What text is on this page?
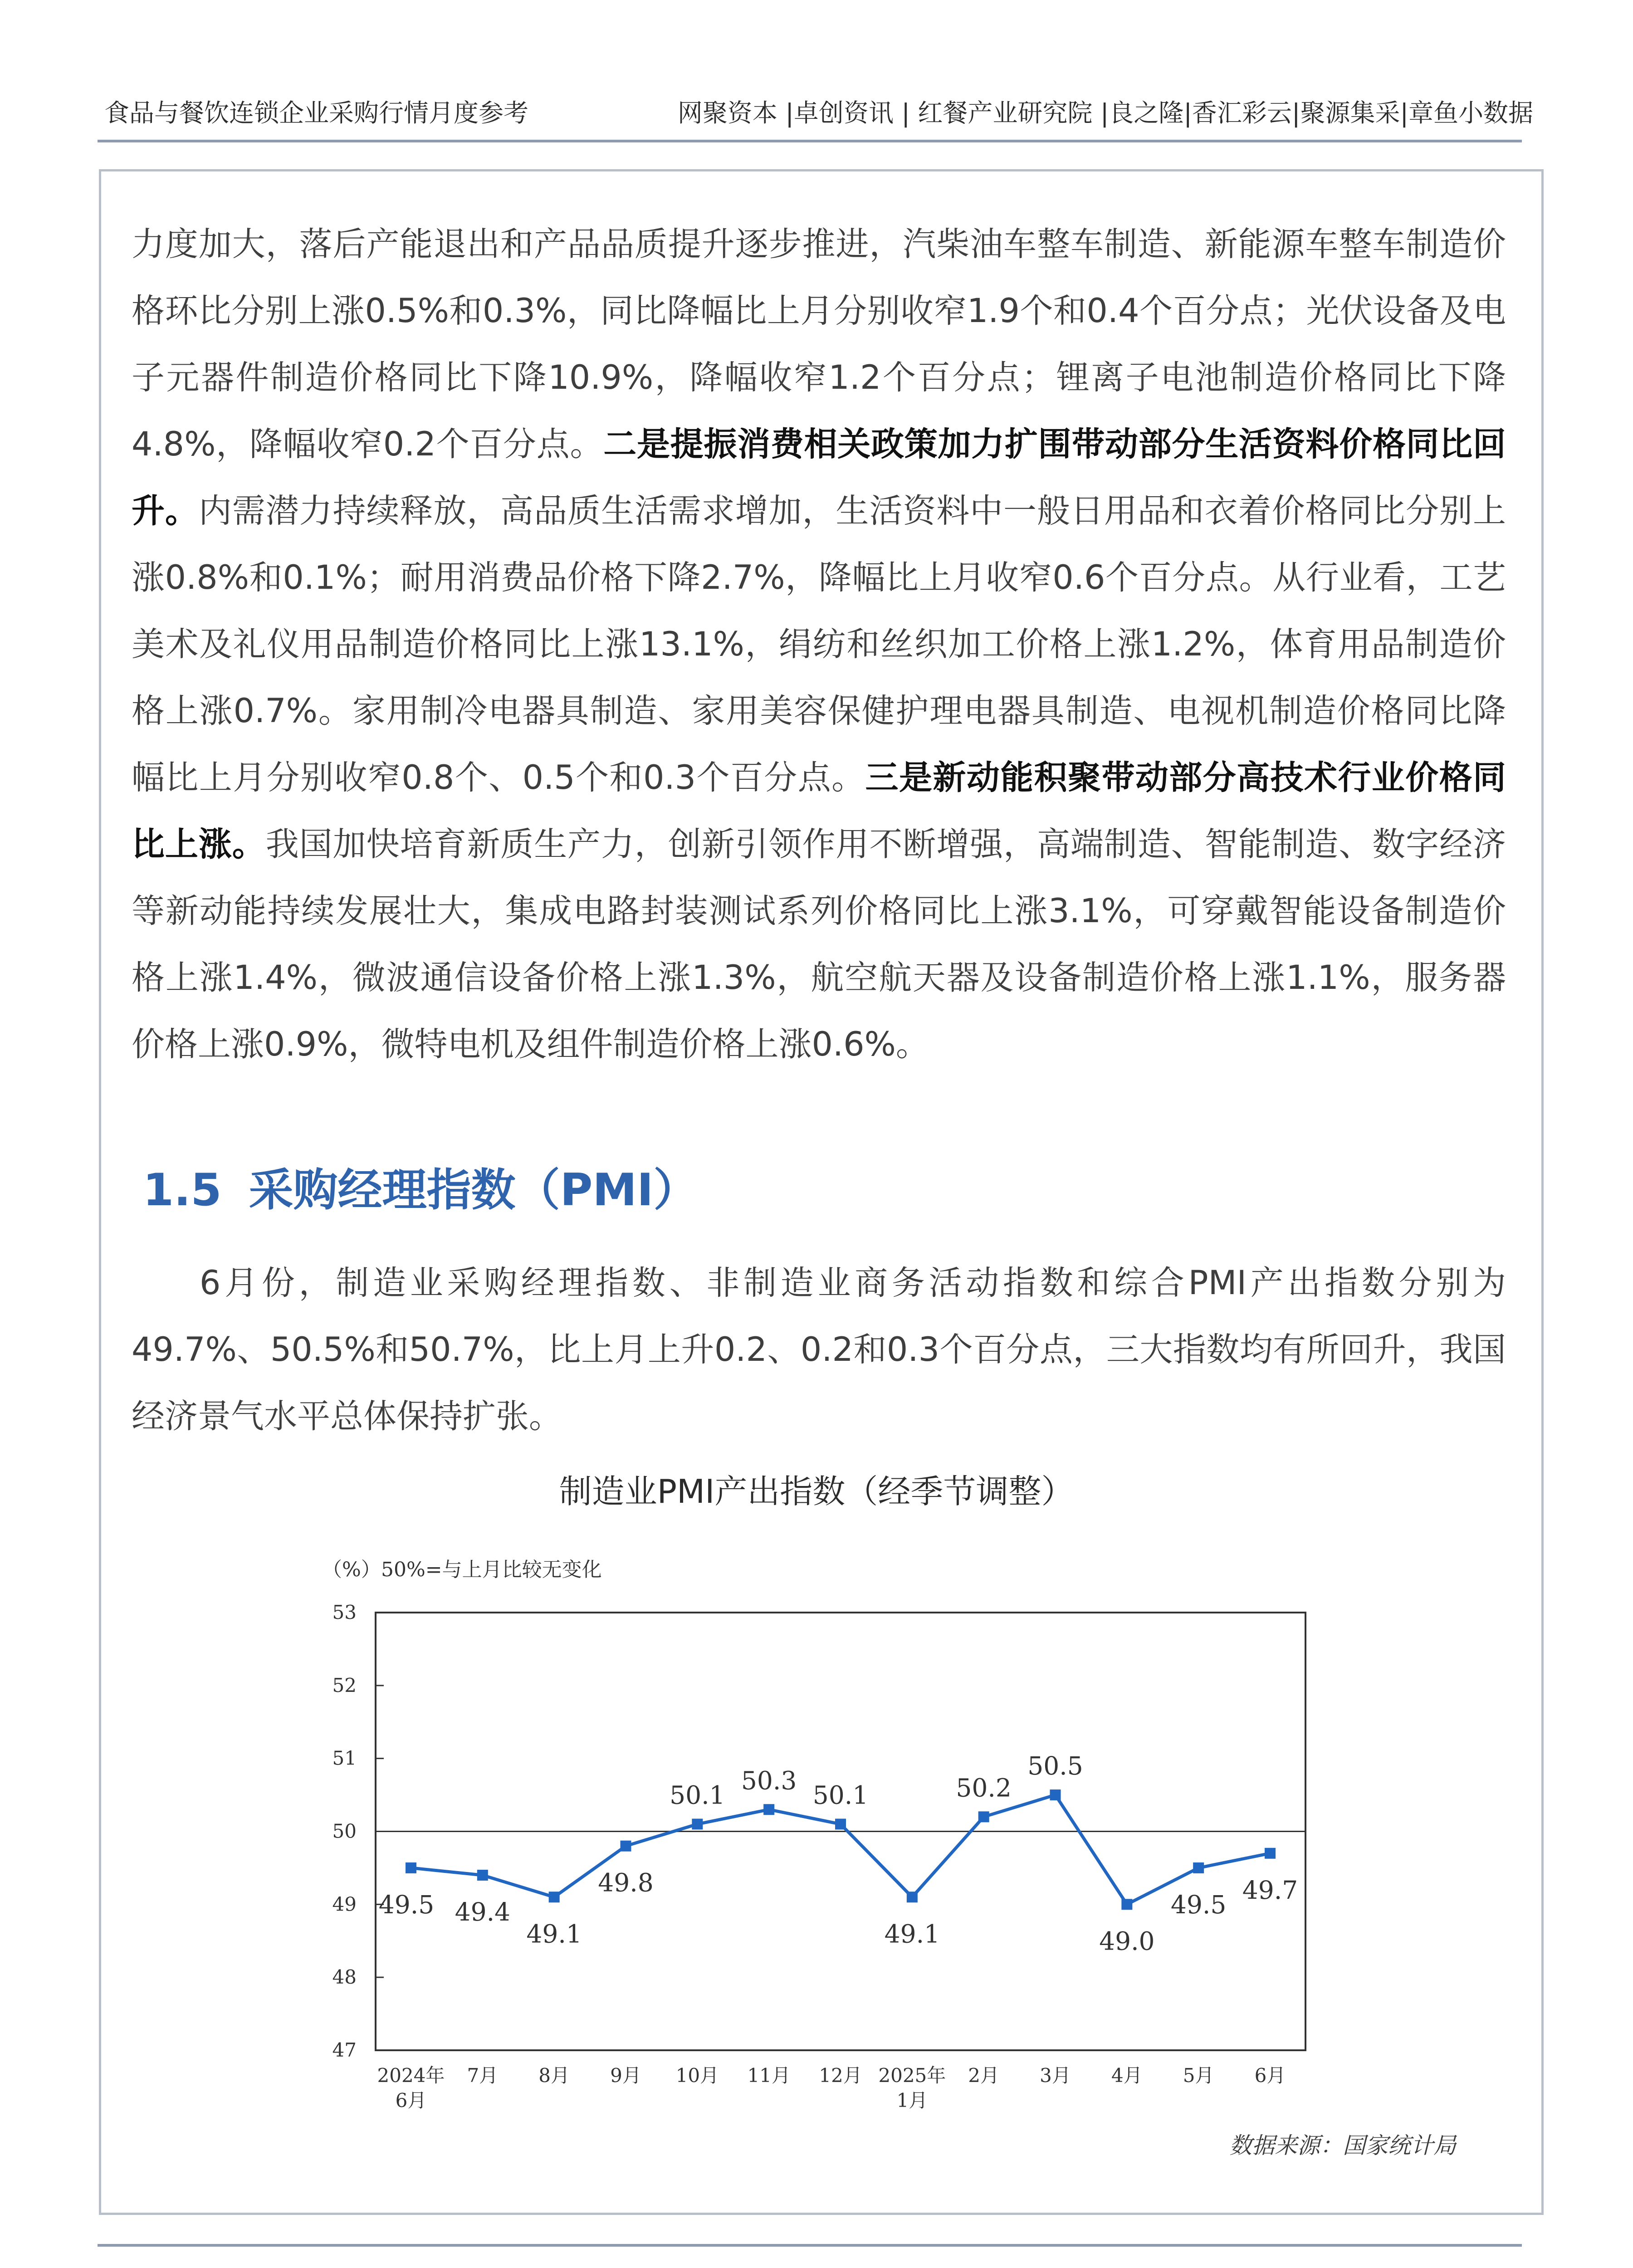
食品与餐饮连锁企业采购行情月度参考	网聚资本 |卓创资讯 | 红餐产业研究院 |良之隆|香汇彩云|聚源集采|章鱼小数据

力度加大，落后产能退出和产品品质提升逐步推进，汽柴油车整车制造、新能源车整车制造价格环比分别上涨0.5%和0.3%，同比降幅比上月分别收窄1.9个和0.4个百分点；光伏设备及电子元器件制造价格同比下降10.9%，降幅收窄1.2个百分点；锂离子电池制造价格同比下降4.8%，降幅收窄0.2个百分点。二是提振消费相关政策加力扩围带动部分生活资料价格同比回升。内需潜力持续释放，高品质生活需求增加，生活资料中一般日用品和衣着价格同比分别上涨0.8%和0.1%；耐用消费品价格下降2.7%，降幅比上月收窄0.6个百分点。从行业看，工艺美术及礼仪用品制造价格同比上涨13.1%，绢纺和丝织加工价格上涨1.2%，体育用品制造价格上涨0.7%。家用制冷电器具制造、家用美容保健护理电器具制造、电视机制造价格同比降幅比上月分别收窄0.8个、0.5个和0.3个百分点。三是新动能积聚带动部分高技术行业价格同比上涨。我国加快培育新质生产力，创新引领作用不断增强，高端制造、智能制造、数字经济等新动能持续发展壮大，集成电路封装测试系列价格同比上涨3.1%，可穿戴智能设备制造价格上涨1.4%，微波通信设备价格上涨1.3%，航空航天器及设备制造价格上涨1.1%，服务器价格上涨0.9%，微特电机及组件制造价格上涨0.6%。

1.5 采购经理指数（PMI）

6月份，制造业采购经理指数、非制造业商务活动指数和综合PMI产出指数分别为49.7%、50.5%和50.7%，比上月上升0.2、0.2和0.3个百分点，三大指数均有所回升，我国经济景气水平总体保持扩张。

制造业PMI产出指数（经季节调整）
（%） 50%=与上月比较无变化
47
48
49
50
51
52
53
2024年
6月
7月 8月 9月 10月 11月 12月 2025年
1月
2月 3月 4月 5月 6月
49.5 49.4
49.1
49.8
50.1
50.3
50.1
49.1
50.2
50.5
49.0
49.5
49.7
数据来源：国家统计局
